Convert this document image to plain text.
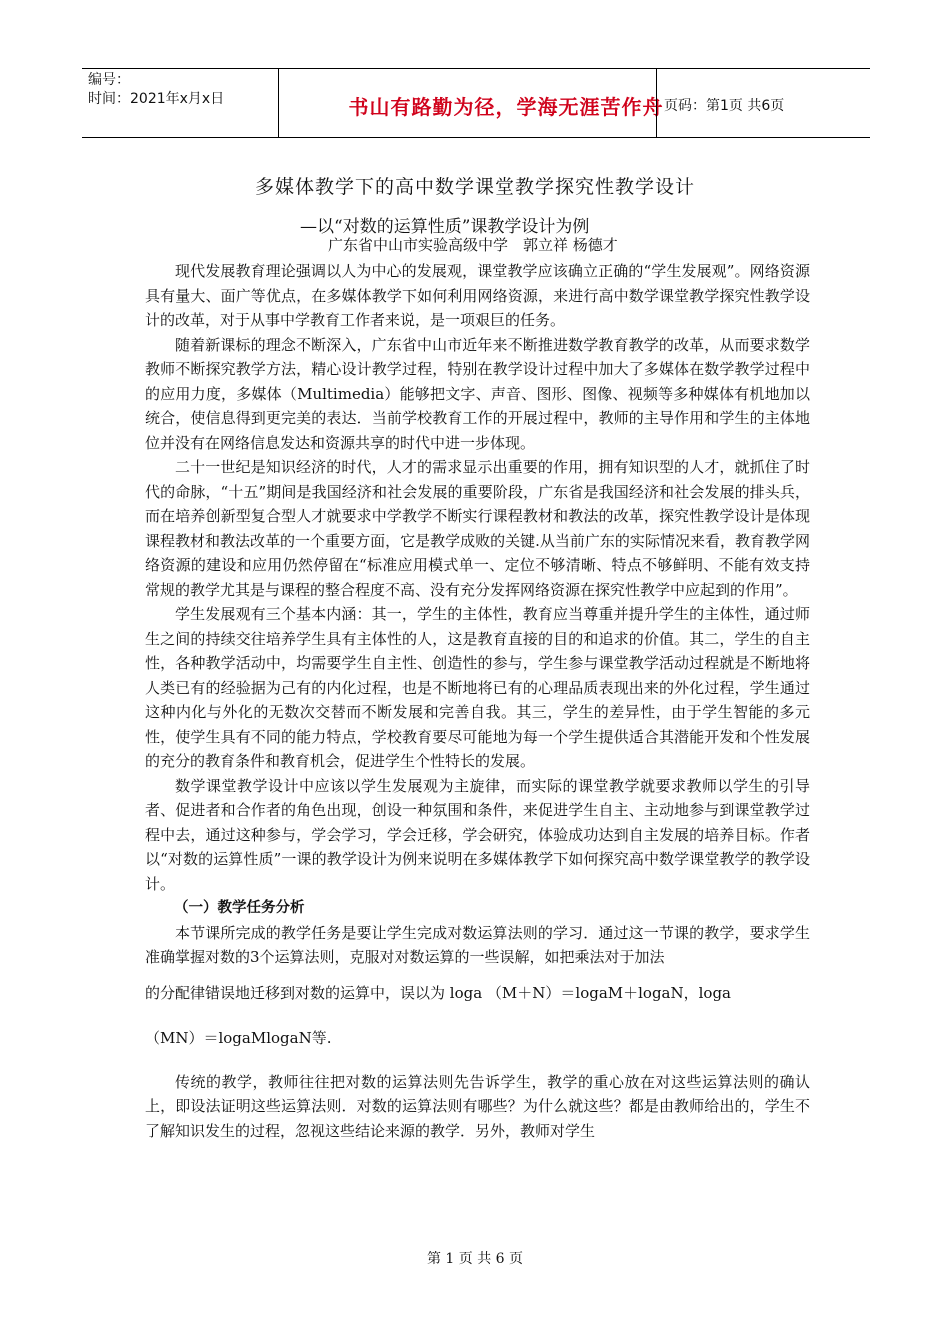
编号：
时间：2021年x月x日	书山有路勤为径，学海无涯苦作舟 页码：第1页 共6页
多媒体教学下的高中数学课堂教学探究性教学设计
—以“对数的运算性质”课教学设计为例
广东省中山市实验高级中学　郭立祥 杨德才

现代发展教育理论强调以人为中心的发展观，课堂教学应该确立正确的“学生发展观”。网络资源具有量大、面广等优点，在多媒体教学下如何利用网络资源，来进行高中数学课堂教学探究性教学设计的改革，对于从事中学教育工作者来说，是一项艰巨的任务。

随着新课标的理念不断深入，广东省中山市近年来不断推进数学教育教学的改革，从而要求数学教师不断探究教学方法，精心设计教学过程，特别在教学设计过程中加大了多媒体在数学教学过程中的应用力度，多媒体（Multimedia）能够把文字、声音、图形、图像、视频等多种媒体有机地加以统合，使信息得到更完美的表达．当前学校教育工作的开展过程中，教师的主导作用和学生的主体地位并没有在网络信息发达和资源共享的时代中进一步体现。

二十一世纪是知识经济的时代，人才的需求显示出重要的作用，拥有知识型的人才，就抓住了时代的命脉，“十五”期间是我国经济和社会发展的重要阶段，广东省是我国经济和社会发展的排头兵，而在培养创新型复合型人才就要求中学教学不断实行课程教材和教法的改革，探究性教学设计是体现课程教材和教法改革的一个重要方面，它是教学成败的关键.从当前广东的实际情况来看，教育教学网络资源的建设和应用仍然停留在“标准应用模式单一、定位不够清晰、特点不够鲜明、不能有效支持常规的教学尤其是与课程的整合程度不高、没有充分发挥网络资源在探究性教学中应起到的作用”。

学生发展观有三个基本内涵：其一，学生的主体性，教育应当尊重并提升学生的主体性，通过师生之间的持续交往培养学生具有主体性的人，这是教育直接的目的和追求的价值。其二，学生的自主性，各种教学活动中，均需要学生自主性、创造性的参与，学生参与课堂教学活动过程就是不断地将人类已有的经验据为己有的内化过程，也是不断地将已有的心理品质表现出来的外化过程，学生通过这种内化与外化的无数次交替而不断发展和完善自我。其三，学生的差异性，由于学生智能的多元性，使学生具有不同的能力特点，学校教育要尽可能地为每一个学生提供适合其潜能开发和个性发展的充分的教育条件和教育机会，促进学生个性特长的发展。

数学课堂教学设计中应该以学生发展观为主旋律，而实际的课堂教学就要求教师以学生的引导者、促进者和合作者的角色出现，创设一种氛围和条件，来促进学生自主、主动地参与到课堂教学过程中去，通过这种参与，学会学习，学会迁移，学会研究，体验成功达到自主发展的培养目标。作者以“对数的运算性质”一课的教学设计为例来说明在多媒体教学下如何探究高中数学课堂教学的教学设计。

（一）教学任务分析

本节课所完成的教学任务是要让学生完成对数运算法则的学习．通过这一节课的教学，要求学生准确掌握对数的3个运算法则，克服对对数运算的一些误解，如把乘法对于加法

的分配律错误地迁移到对数的运算中，误以为 loga （M＋N）＝logaM＋logaN，loga

（MN）＝logaMlogaN等.

传统的教学，教师往往把对数的运算法则先告诉学生，教学的重心放在对这些运算法则的确认上，即设法证明这些运算法则．对数的运算法则有哪些？为什么就这些？都是由教师给出的，学生不了解知识发生的过程，忽视这些结论来源的教学．另外，教师对学生

第 1 页 共 6 页
